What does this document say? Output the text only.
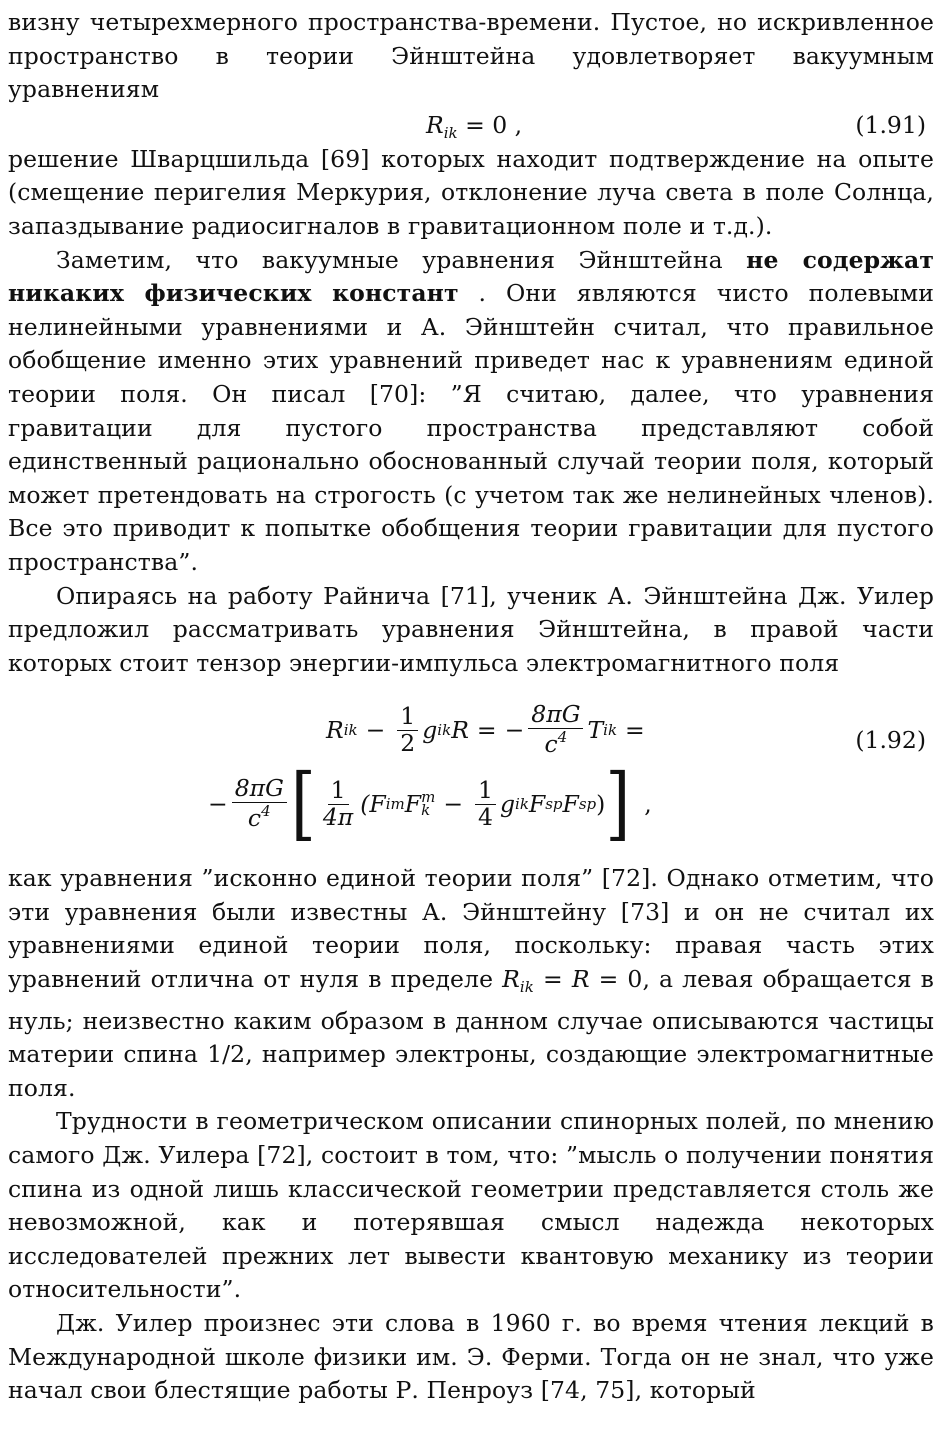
визну четырехмерного пространства-времени. Пустое, но искривленное пространство в теории Эйнштейна удовлетворяет вакуумным уравнениям

$R_{ik} = 0$ ,	(1.91)

решение Шварцшильда [69] которых находит подтверждение на опыте (смещение перигелия Меркурия, отклонение луча света в поле Солнца, запаздывание радиосигналов в гравитационном поле и т.д.).

Заметим, что вакуумные уравнения Эйнштейна не содержат никаких физических констант . Они являются чисто полевыми нелинейными уравнениями и А. Эйнштейн считал, что правильное обобщение именно этих уравнений приведет нас к уравнениям единой теории поля. Он писал [70]: ”Я считаю, далее, что уравнения гравитации для пустого пространства представляют собой единственный рационально обоснованный случай теории поля, который может претендовать на строгость (с учетом так же нелинейных членов). Все это приводит к попытке обобщения теории гравитации для пустого пространства”.

Опираясь на работу Райнича [71], ученик А. Эйнштейна Дж. Уилер предложил рассматривать уравнения Эйнштейна, в правой части которых стоит тензор энергии-импульса электромагнитного поля

R ik − $\frac{1}{2}$ g ik R = − $\frac{8\pi G}{c^4}$ T ik =	(1.92)
− $\frac{8\pi G}{c^4}$ [ $\frac{1}{4\pi} (F$ im F m
$k - \frac{1}{4}$ g ik F sp F sp ) ] ,

как уравнения ”исконно единой теории поля” [72]. Однако отметим, что эти уравнения были известны А. Эйнштейну [73] и он не считал их уравнениями единой теории поля, поскольку: правая часть этих уравнений отлична от нуля в пределе $R_{ik} = R = 0$, а левая обращается в нуль; неизвестно каким образом в данном случае описываются частицы материи спина 1/2, например электроны, создающие электромагнитные поля.

Трудности в геометрическом описании спинорных полей, по мнению самого Дж. Уилера [72], состоит в том, что: ”мысль о получении понятия спина из одной лишь классической геометрии представляется столь же невозможной, как и потерявшая смысл надежда некоторых исследователей прежних лет вывести квантовую механику из теории относительности”.

Дж. Уилер произнес эти слова в 1960 г. во время чтения лекций в Международной школе физики им. Э. Ферми. Тогда он не знал, что уже начал свои блестящие работы Р. Пенроуз [74, 75], который
